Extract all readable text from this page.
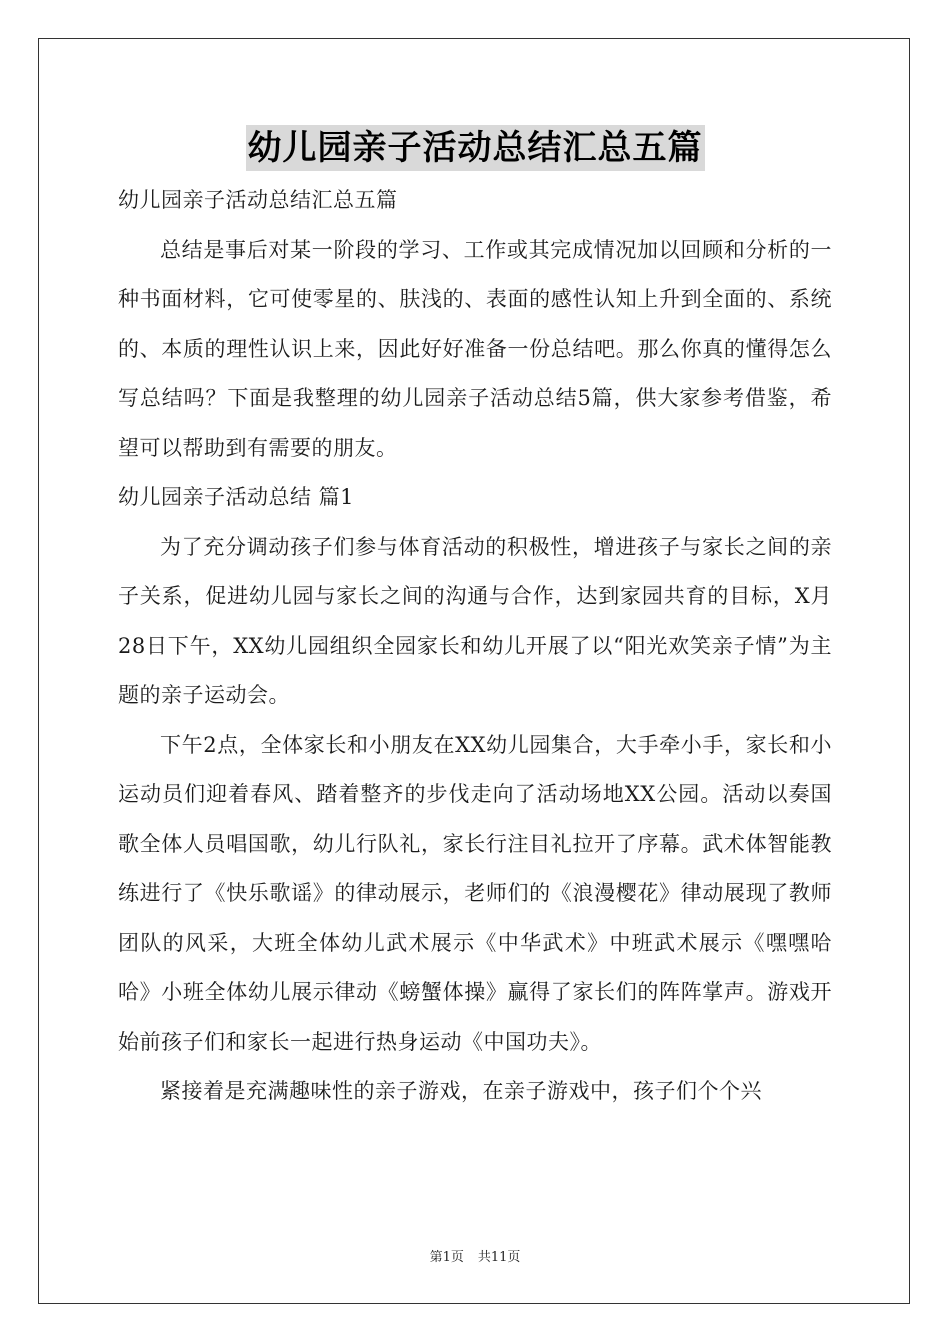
幼儿园亲子活动总结汇总五篇

幼儿园亲子活动总结汇总五篇

总结是事后对某一阶段的学习、工作或其完成情况加以回顾和分析的一种书面材料，它可使零星的、肤浅的、表面的感性认知上升到全面的、系统的、本质的理性认识上来，因此好好准备一份总结吧。那么你真的懂得怎么写总结吗？下面是我整理的幼儿园亲子活动总结5篇，供大家参考借鉴，希望可以帮助到有需要的朋友。

幼儿园亲子活动总结 篇1

为了充分调动孩子们参与体育活动的积极性，增进孩子与家长之间的亲子关系，促进幼儿园与家长之间的沟通与合作，达到家园共育的目标，X月28日下午，XX幼儿园组织全园家长和幼儿开展了以“阳光欢笑亲子情”为主题的亲子运动会。

下午2点，全体家长和小朋友在XX幼儿园集合，大手牵小手，家长和小运动员们迎着春风、踏着整齐的步伐走向了活动场地XX公园。活动以奏国歌全体人员唱国歌，幼儿行队礼，家长行注目礼拉开了序幕。武术体智能教练进行了《快乐歌谣》的律动展示，老师们的《浪漫樱花》律动展现了教师团队的风采，大班全体幼儿武术展示《中华武术》中班武术展示《嘿嘿哈哈》小班全体幼儿展示律动《螃蟹体操》赢得了家长们的阵阵掌声。游戏开始前孩子们和家长一起进行热身运动《中国功夫》。

紧接着是充满趣味性的亲子游戏，在亲子游戏中，孩子们个个兴

第1页 共11页
